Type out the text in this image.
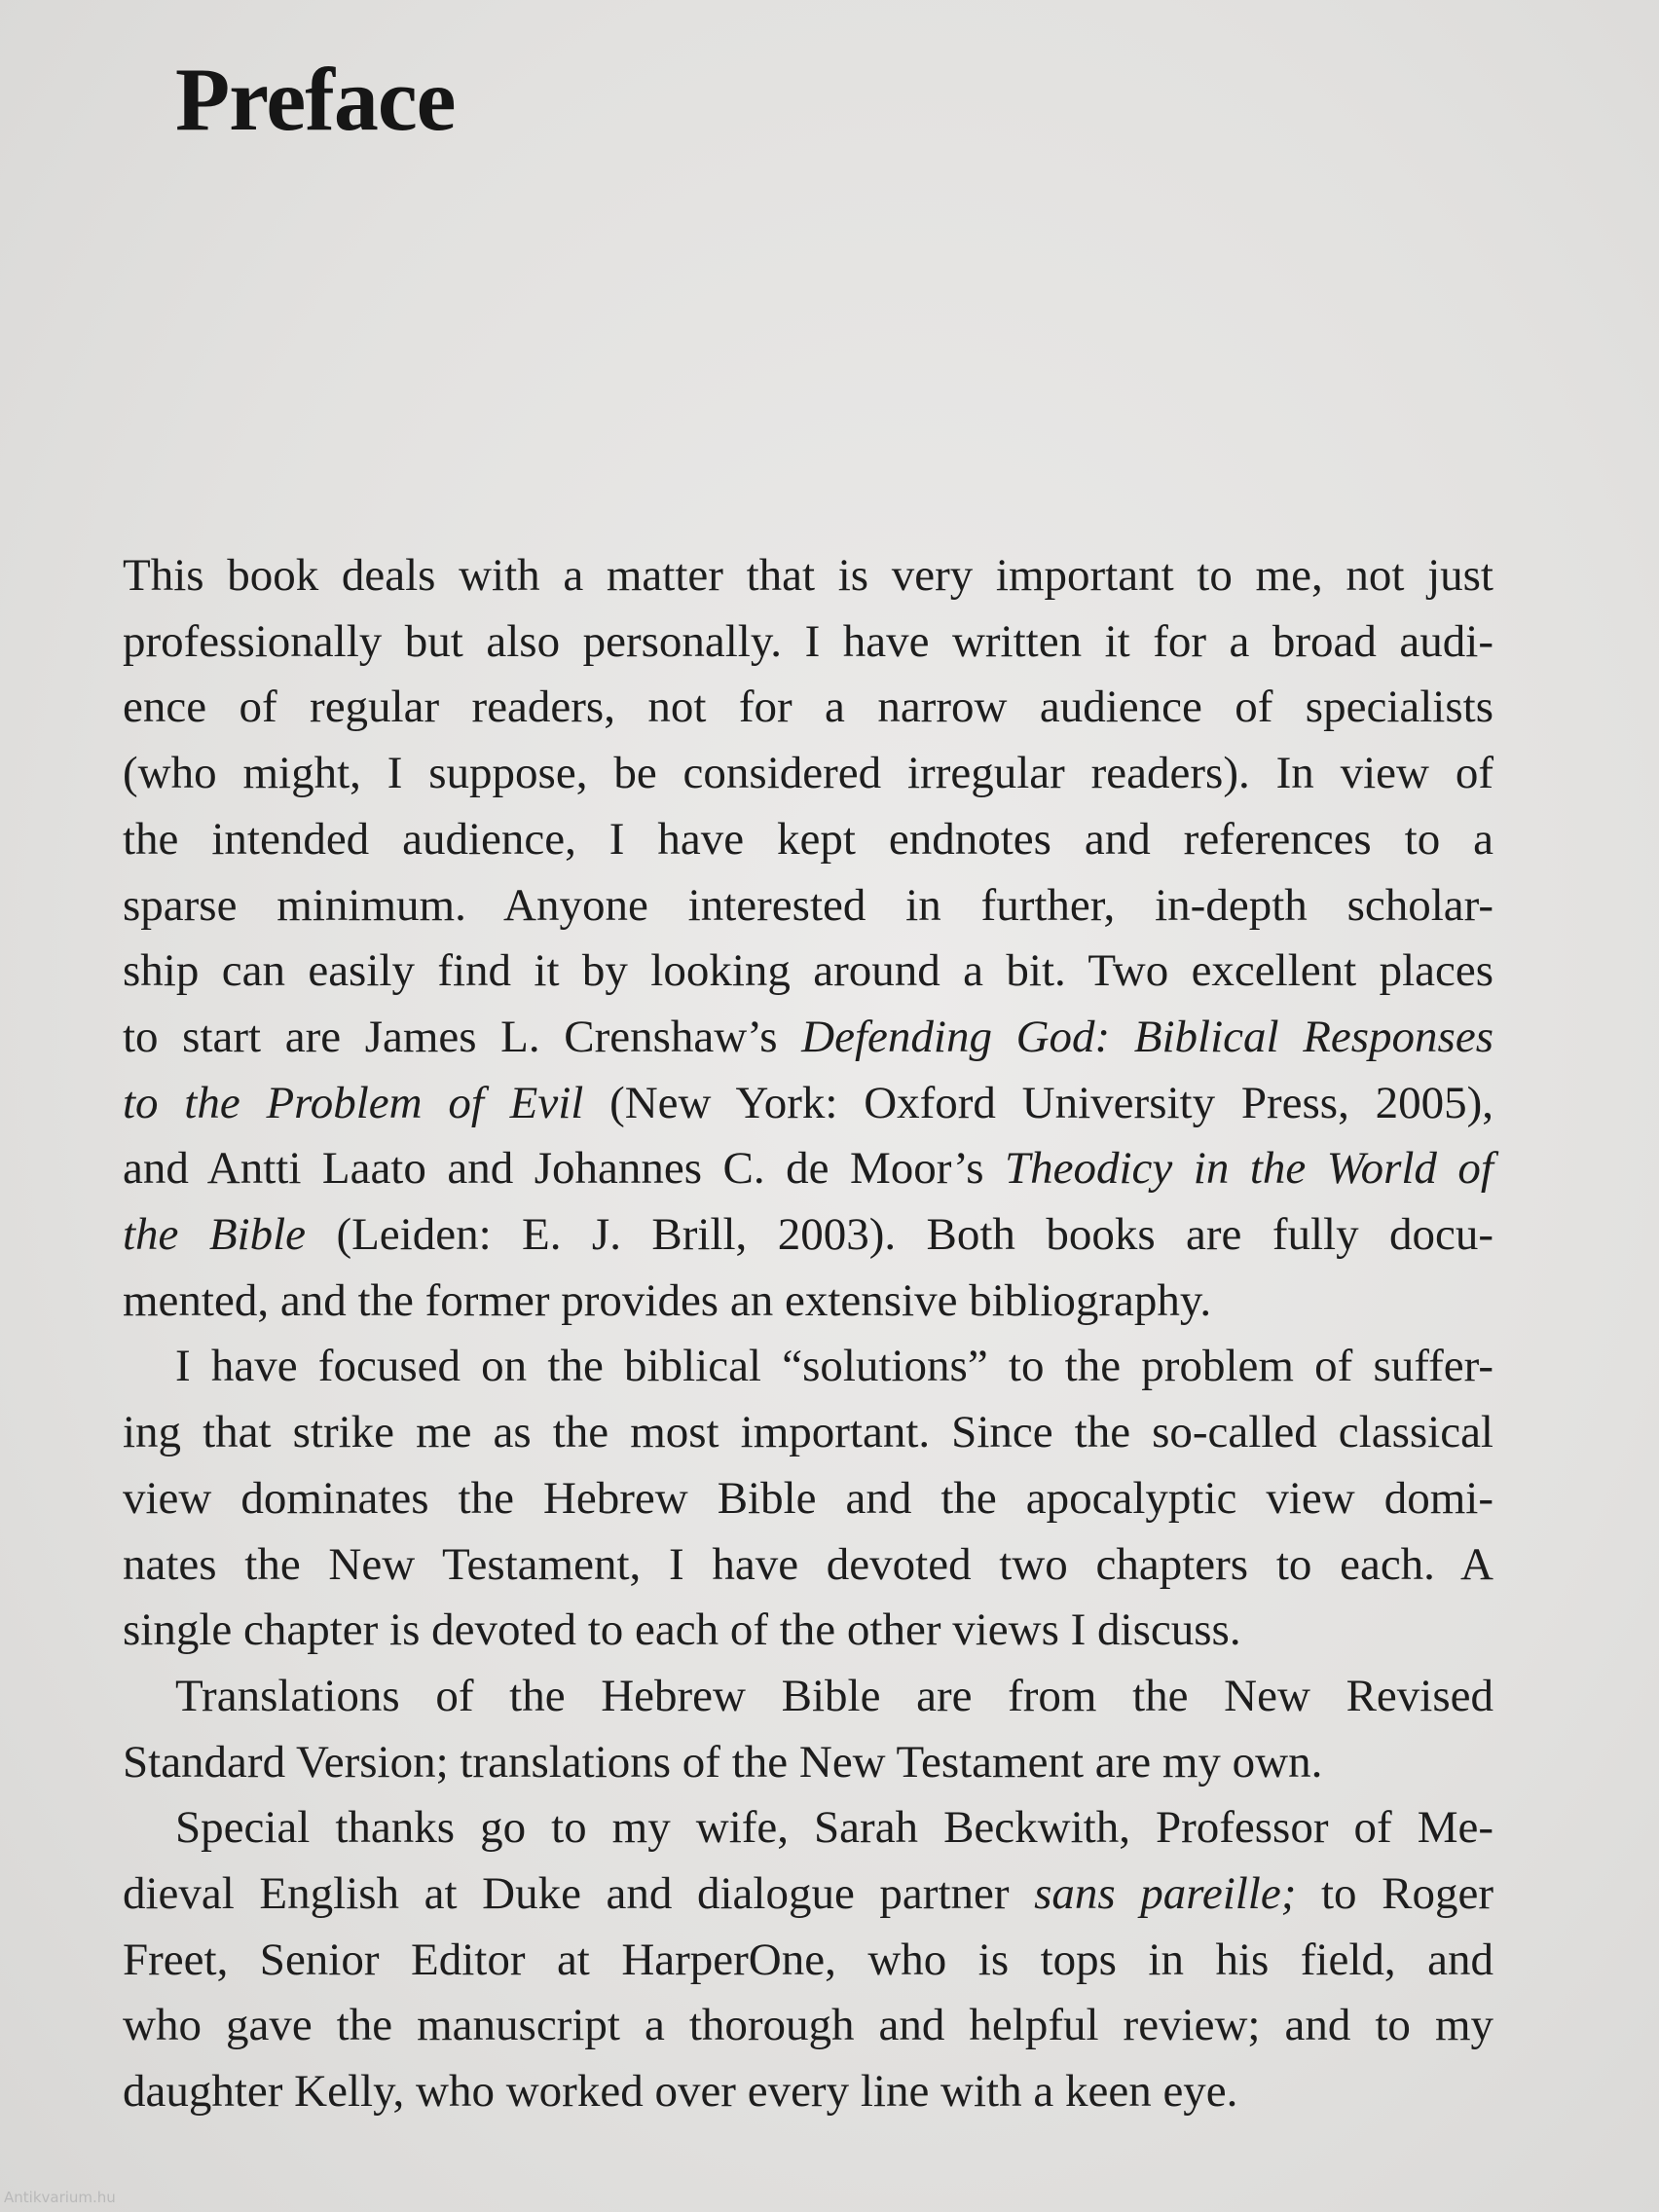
Preface
This book deals with a matter that is very important to me, not just
professionally but also personally. I have written it for a broad audi-
ence of regular readers, not for a narrow audience of specialists
(who might, I suppose, be considered irregular readers). In view of
the intended audience, I have kept endnotes and references to a
sparse minimum. Anyone interested in further, in-depth scholar-
ship can easily find it by looking around a bit. Two excellent places
to start are James L. Crenshaw’s Defending God: Biblical Responses
to the Problem of Evil (New York: Oxford University Press, 2005),
and Antti Laato and Johannes C. de Moor’s Theodicy in the World of
the Bible (Leiden: E. J. Brill, 2003). Both books are fully docu-
mented, and the former provides an extensive bibliography.
I have focused on the biblical “solutions” to the problem of suffer-
ing that strike me as the most important. Since the so-called classical
view dominates the Hebrew Bible and the apocalyptic view domi-
nates the New Testament, I have devoted two chapters to each. A
single chapter is devoted to each of the other views I discuss.
Translations of the Hebrew Bible are from the New Revised
Standard Version; translations of the New Testament are my own.
Special thanks go to my wife, Sarah Beckwith, Professor of Me-
dieval English at Duke and dialogue partner sans pareille; to Roger
Freet, Senior Editor at HarperOne, who is tops in his field, and
who gave the manuscript a thorough and helpful review; and to my
daughter Kelly, who worked over every line with a keen eye.
Antikvarium.hu
